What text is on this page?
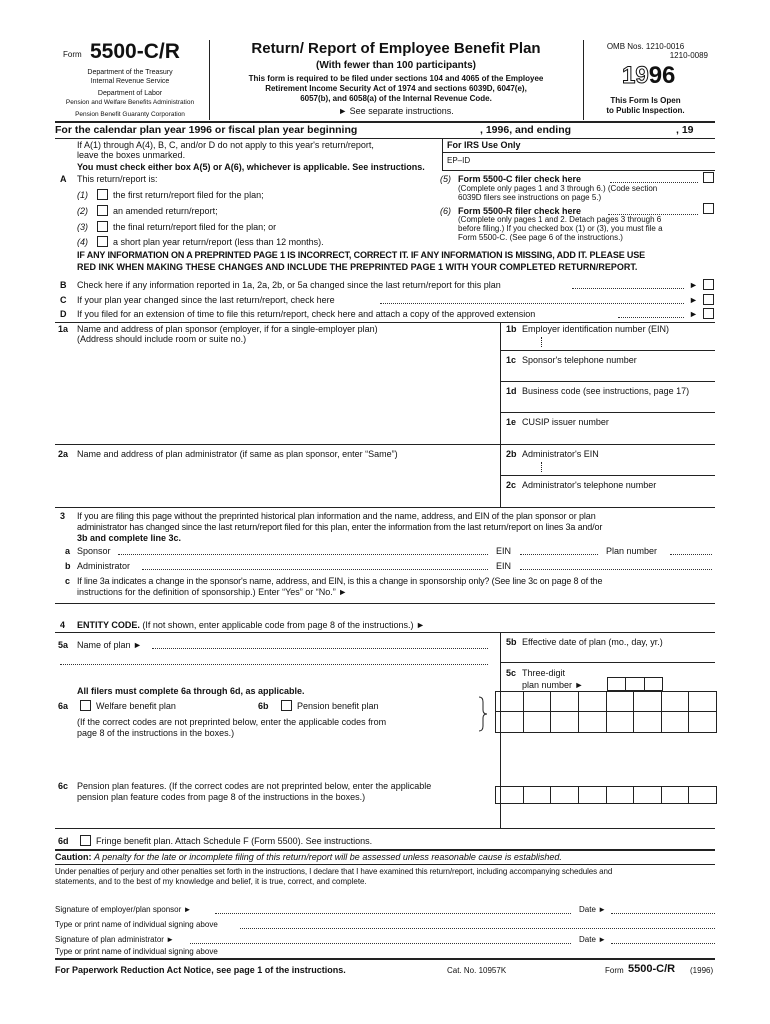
Form 5500-C/R
Department of the Treasury
Internal Revenue Service
Department of Labor
Pension and Welfare Benefits Administration
Pension Benefit Guaranty Corporation
Return/ Report of Employee Benefit Plan
(With fewer than 100 participants)
This form is required to be filed under sections 104 and 4065 of the Employee
Retirement Income Security Act of 1974 and sections 6039D, 6047(e),
6057(b), and 6058(a) of the Internal Revenue Code.
► See separate instructions.
OMB Nos. 1210-0016
1210-0089
1996
This Form Is Open
to Public Inspection.
For the calendar plan year 1996 or fiscal plan year beginning	, 1996, and ending	, 19
If A(1) through A(4), B, C, and/or D do not apply to this year's return/report,
leave the boxes unmarked.
You must check either box A(5) or A(6), whichever is applicable. See instructions.
A This return/report is:
(1)	the first return/report filed for the plan;
(2)	an amended return/report;
(3)	the final return/report filed for the plan; or
(4)	a short plan year return/report (less than 12 months).
For IRS Use Only
EP–ID
(5) Form 5500-C filer check here
(Complete only pages 1 and 3 through 6.) (Code section
6039D filers see instructions on page 5.)
(6) Form 5500-R filer check here
(Complete only pages 1 and 2. Detach pages 3 through 6
before filing.) If you checked box (1) or (3), you must file a
Form 5500-C. (See page 6 of the instructions.)
IF ANY INFORMATION ON A PREPRINTED PAGE 1 IS INCORRECT, CORRECT IT. IF ANY INFORMATION IS MISSING, ADD IT. PLEASE USE
RED INK WHEN MAKING THESE CHANGES AND INCLUDE THE PREPRINTED PAGE 1 WITH YOUR COMPLETED RETURN/REPORT.
B Check here if any information reported in 1a, 2a, 2b, or 5a changed since the last return/report for this plan	►
C If your plan year changed since the last return/report, check here	►
D If you filed for an extension of time to file this return/report, check here and attach a copy of the approved extension	►
1a Name and address of plan sponsor (employer, if for a single-employer plan)
(Address should include room or suite no.)
1b Employer identification number (EIN)
1c Sponsor's telephone number
1d Business code (see instructions, page 17)
1e CUSIP issuer number
2a Name and address of plan administrator (if same as plan sponsor, enter “Same”)	2b Administrator's EIN
2c Administrator's telephone number
3 If you are filing this page without the preprinted historical plan information and the name, address, and EIN of the plan sponsor or plan
administrator has changed since the last return/report filed for this plan, enter the information from the last return/report on lines 3a and/or
3b and complete line 3c.
a Sponsor	EIN	Plan number
b Administrator	EIN
c If line 3a indicates a change in the sponsor's name, address, and EIN, is this a change in sponsorship only? (See line 3c on page 8 of the
instructions for the definition of sponsorship.) Enter “Yes” or “No.” ►
4 ENTITY CODE. (If not shown, enter applicable code from page 8 of the instructions.) ►
5a Name of plan ►	5b Effective date of plan (mo., day, yr.)
5c Three-digit
plan number ►
All filers must complete 6a through 6d, as applicable.
6a	Welfare benefit plan	6b	Pension benefit plan
(If the correct codes are not preprinted below, enter the applicable codes from
page 8 of the instructions in the boxes.)
6c Pension plan features. (If the correct codes are not preprinted below, enter the applicable
pension plan feature codes from page 8 of the instructions in the boxes.)
6d	Fringe benefit plan. Attach Schedule F (Form 5500). See instructions.
Caution: A penalty for the late or incomplete filing of this return/report will be assessed unless reasonable cause is established.
Under penalties of perjury and other penalties set forth in the instructions, I declare that I have examined this return/report, including accompanying schedules and
statements, and to the best of my knowledge and belief, it is true, correct, and complete.
Signature of employer/plan sponsor ►	Date ►
Type or print name of individual signing above
Signature of plan administrator ►	Date ►
Type or print name of individual signing above
For Paperwork Reduction Act Notice, see page 1 of the instructions.	Cat. No. 10957K	Form 5500-C/R (1996)
